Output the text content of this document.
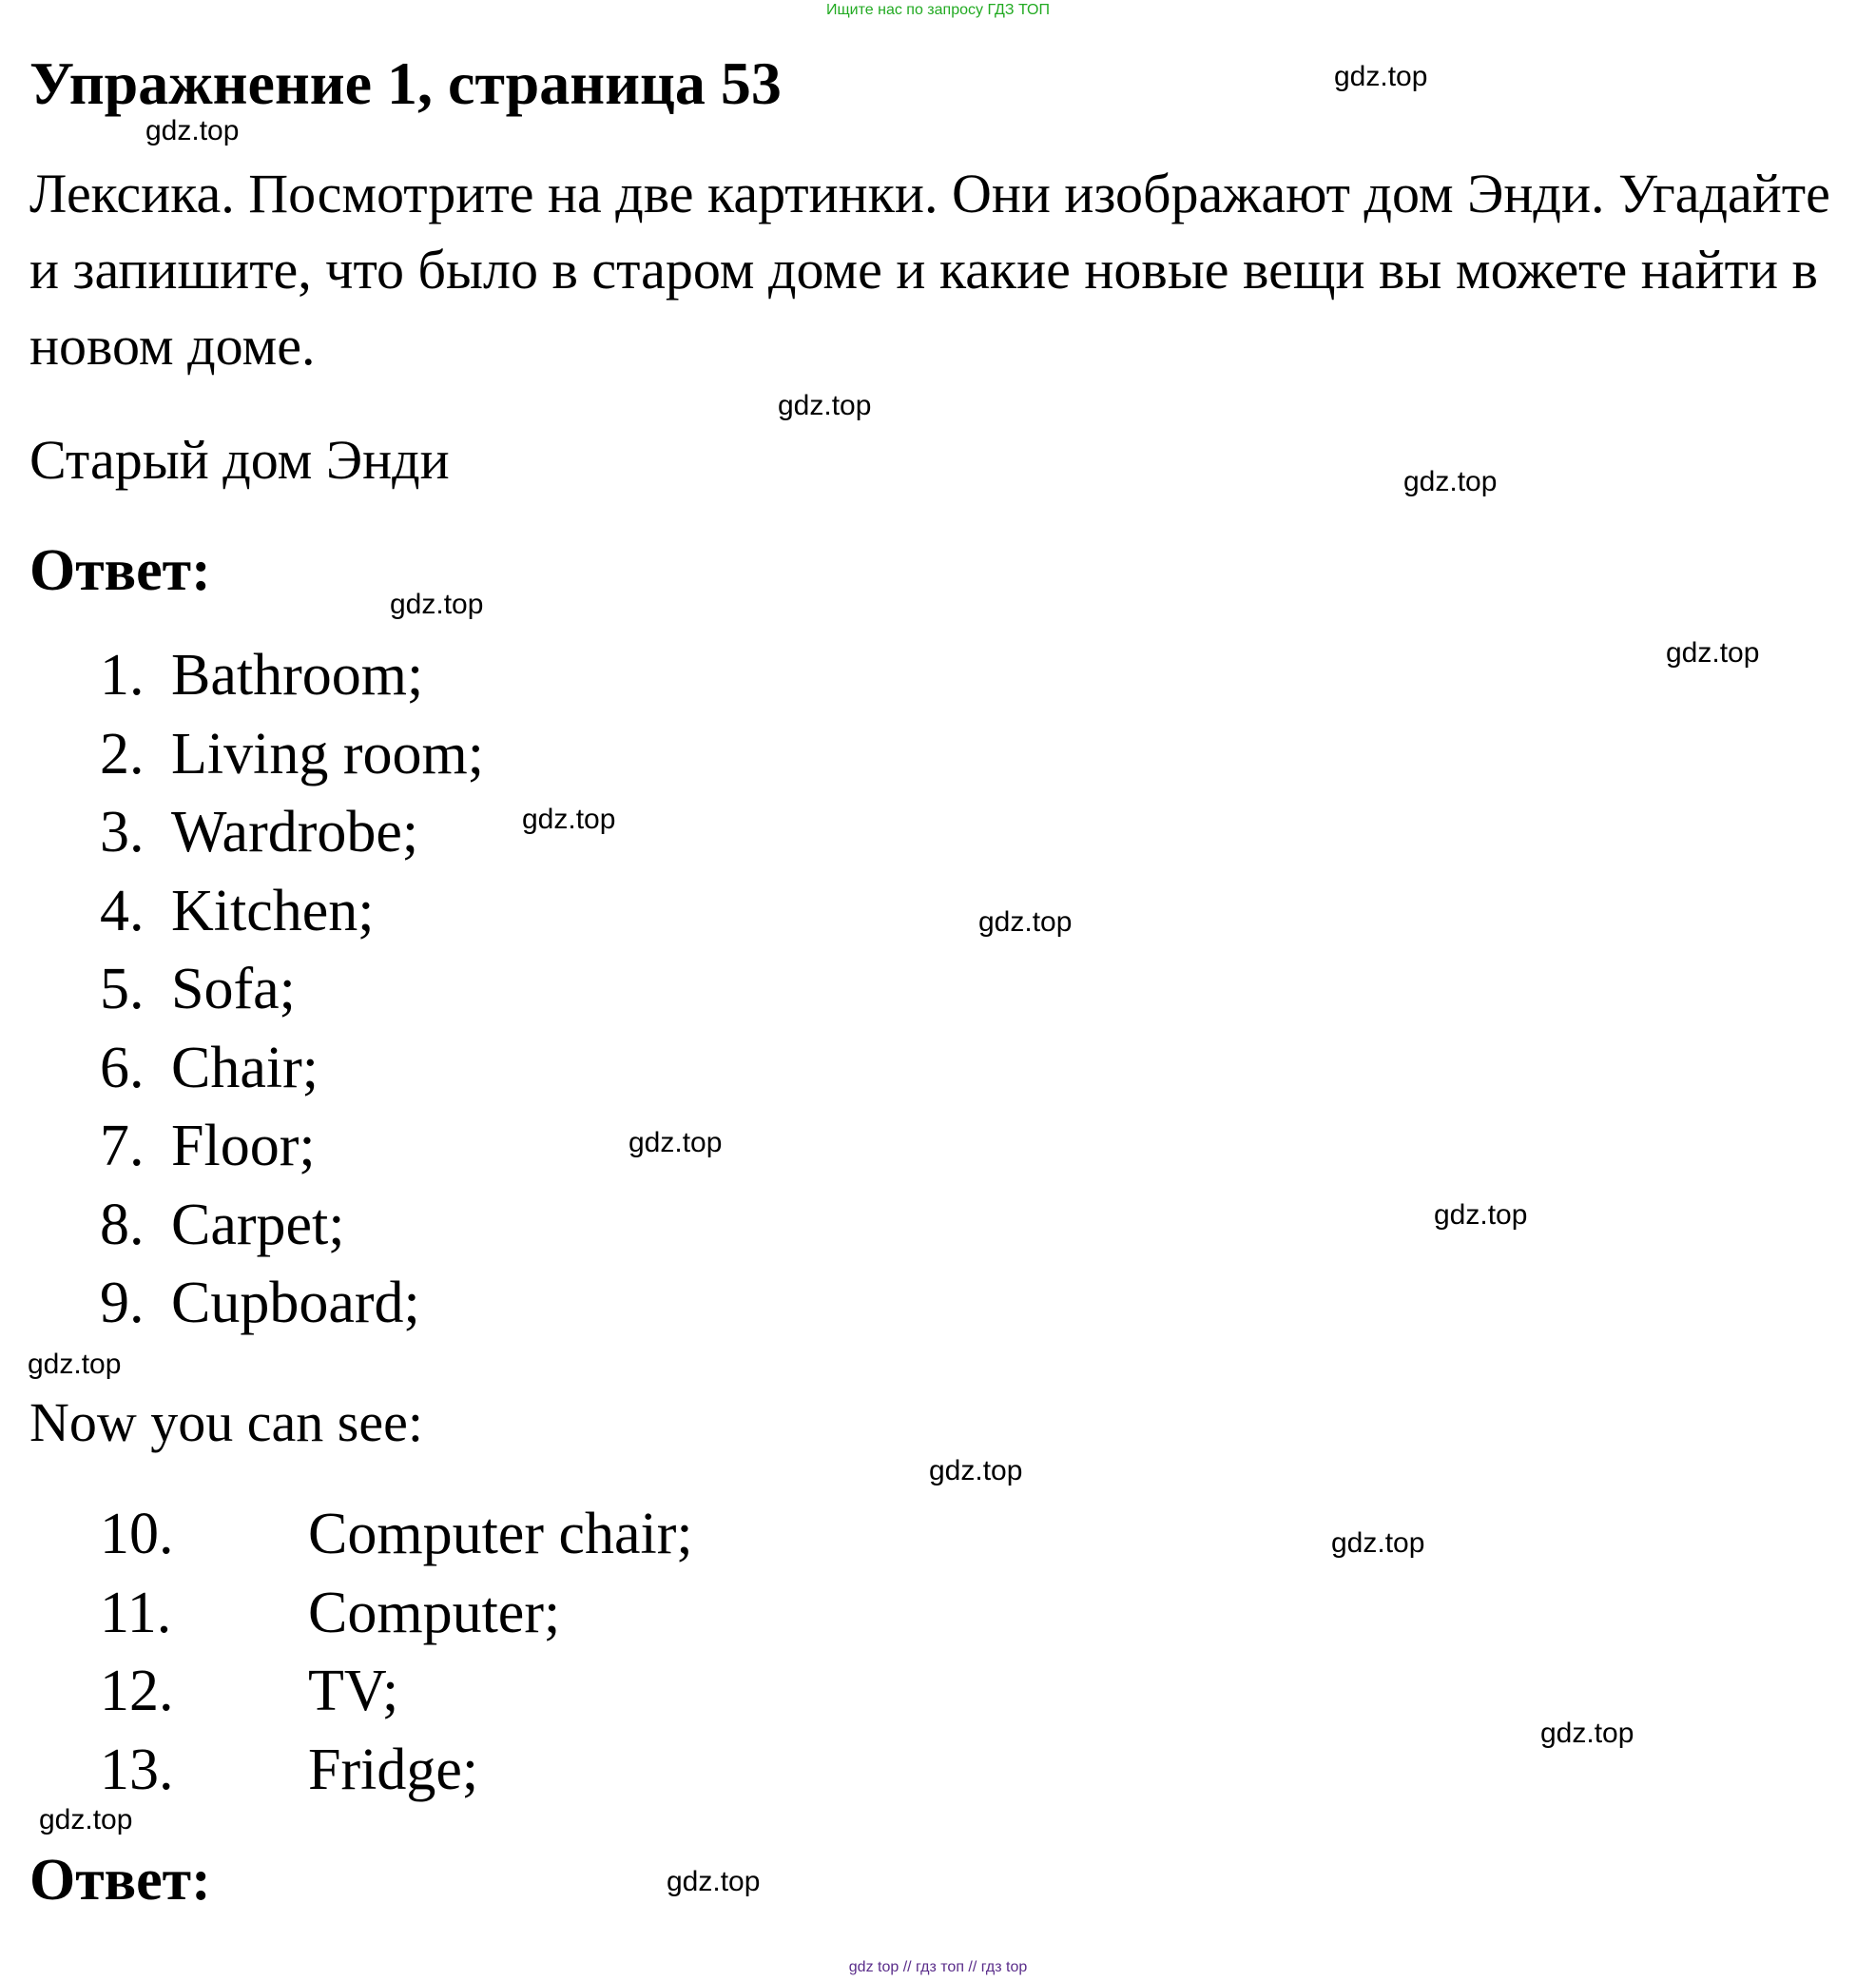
Ищите нас по запросу ГДЗ ТОП
Упражнение 1, страница 53
Лексика. Посмотрите на две картинки. Они изображают дом Энди. Угадайте и запишите, что было в старом доме и какие новые вещи вы можете найти в новом доме.
Старый дом Энди
Ответ:
1. Bathroom;
2. Living room;
3. Wardrobe;
4. Kitchen;
5. Sofa;
6. Chair;
7. Floor;
8. Carpet;
9. Cupboard;
Now you can see:
10. Computer chair;
11. Computer;
12. TV;
13. Fridge;
Ответ:
gdz.top
gdz.top
gdz.top
gdz.top
gdz.top
gdz.top
gdz.top
gdz.top
gdz.top
gdz.top
gdz.top
gdz.top
gdz.top
gdz.top
gdz.top
gdz.top
gdz top // гдз топ // гдз top
